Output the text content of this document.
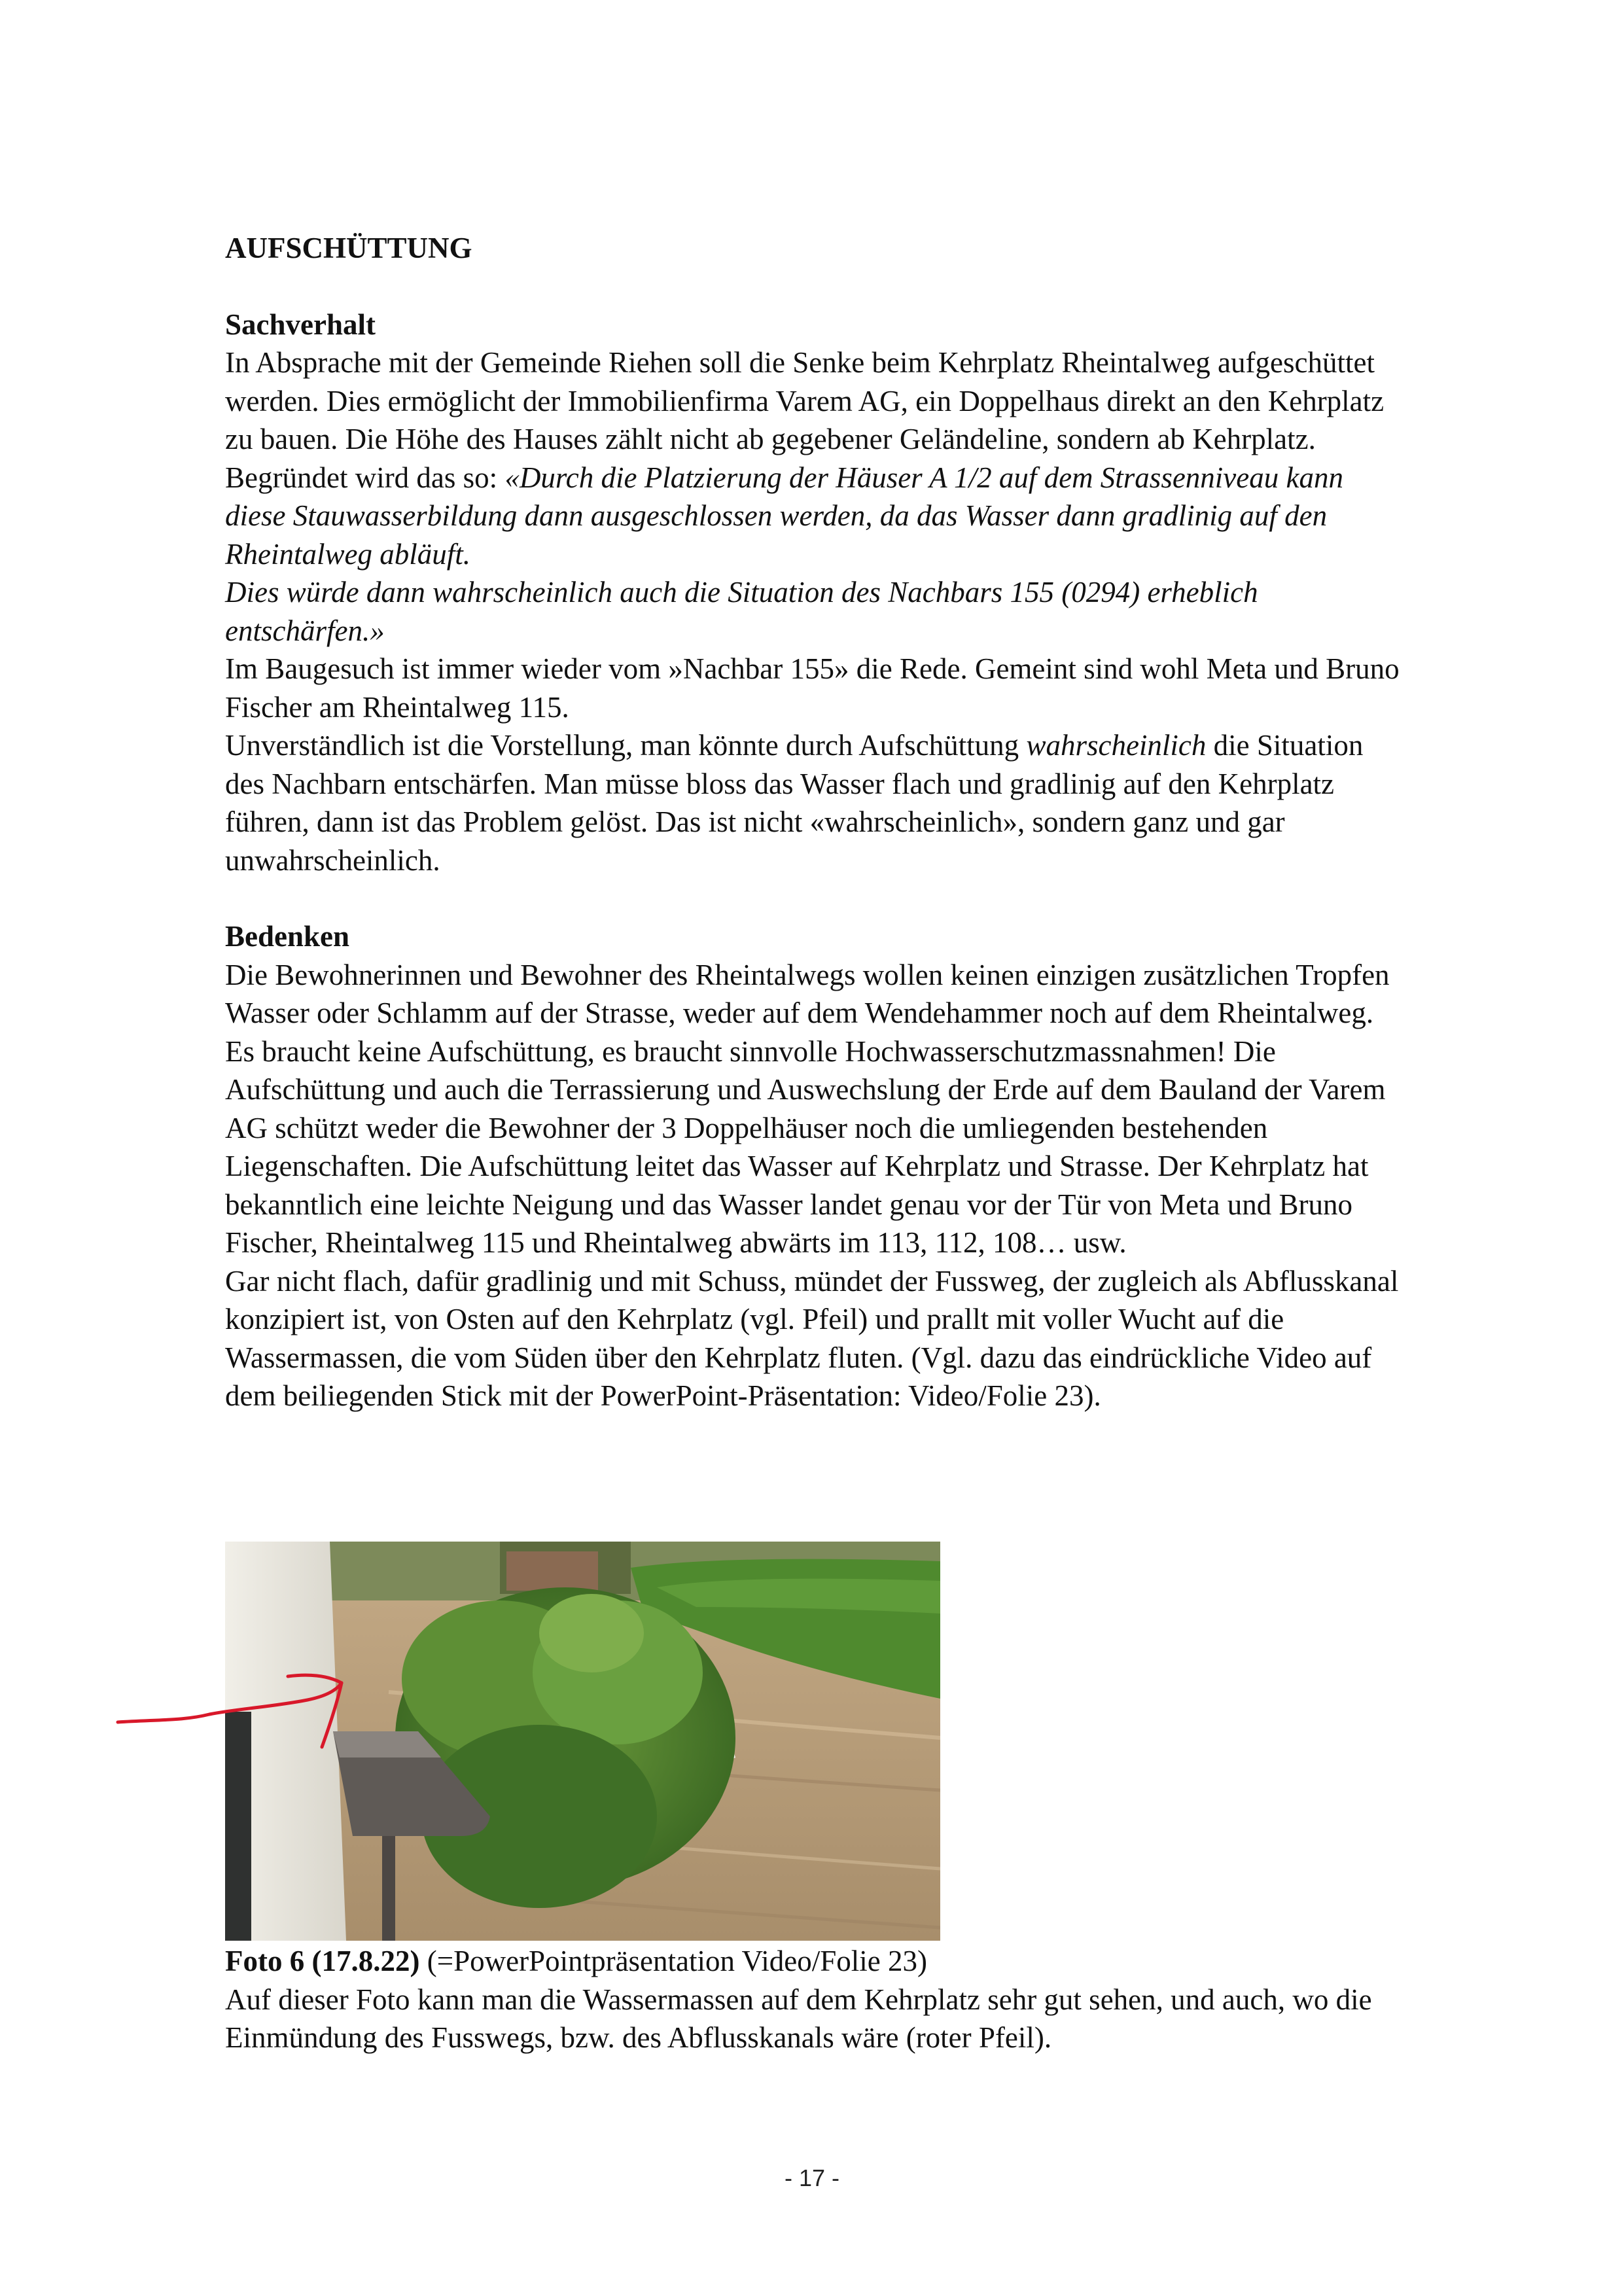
AUFSCHÜTTUNG

Sachverhalt

In Absprache mit der Gemeinde Riehen soll die Senke beim Kehrplatz Rheintalweg aufgeschüttet werden. Dies ermöglicht der Immobilienfirma Varem AG, ein Doppelhaus direkt an den Kehrplatz zu bauen. Die Höhe des Hauses zählt nicht ab gegebener Geländeline, sondern ab Kehrplatz.

Begründet wird das so: «Durch die Platzierung der Häuser A 1/2 auf dem Strassenniveau kann diese Stauwasserbildung dann ausgeschlossen werden, da das Wasser dann gradlinig auf den Rheintalweg abläuft.

Dies würde dann wahrscheinlich auch die Situation des Nachbars 155 (0294) erheblich entschärfen.»

Im Baugesuch ist immer wieder vom »Nachbar 155» die Rede. Gemeint sind wohl Meta und Bruno Fischer am Rheintalweg 115.

Unverständlich ist die Vorstellung, man könnte durch Aufschüttung wahrscheinlich die Situation des Nachbarn entschärfen. Man müsse bloss das Wasser flach und gradlinig auf den Kehrplatz führen, dann ist das Problem gelöst. Das ist nicht «wahrscheinlich», sondern ganz und gar unwahrscheinlich.

Bedenken

Die Bewohnerinnen und Bewohner des Rheintalwegs wollen keinen einzigen zusätzlichen Tropfen Wasser oder Schlamm auf der Strasse, weder auf dem Wendehammer noch auf dem Rheintalweg. Es braucht keine Aufschüttung, es braucht sinnvolle Hochwasserschutzmassnahmen! Die Aufschüttung und auch die Terrassierung und Auswechslung der Erde auf dem Bauland der Varem AG schützt weder die Bewohner der 3 Doppelhäuser noch die umliegenden bestehenden Liegenschaften. Die Aufschüttung leitet das Wasser auf Kehrplatz und Strasse. Der Kehrplatz hat bekanntlich eine leichte Neigung und das Wasser landet genau vor der Tür von Meta und Bruno Fischer, Rheintalweg 115 und Rheintalweg abwärts im 113, 112, 108… usw.

Gar nicht flach, dafür gradlinig und mit Schuss, mündet der Fussweg, der zugleich als Abflusskanal konzipiert ist, von Osten auf den Kehrplatz (vgl. Pfeil) und prallt mit voller Wucht auf die Wassermassen, die vom Süden über den Kehrplatz fluten. (Vgl. dazu das eindrückliche Video auf dem beiliegenden Stick mit der PowerPoint-Präsentation: Video/Folie 23).

Foto 6 (17.8.22) (=PowerPointpräsentation Video/Folie 23)

Auf dieser Foto kann man die Wassermassen auf dem Kehrplatz sehr gut sehen, und auch, wo die Einmündung des Fusswegs, bzw. des Abflusskanals wäre (roter Pfeil).

- 17 -
